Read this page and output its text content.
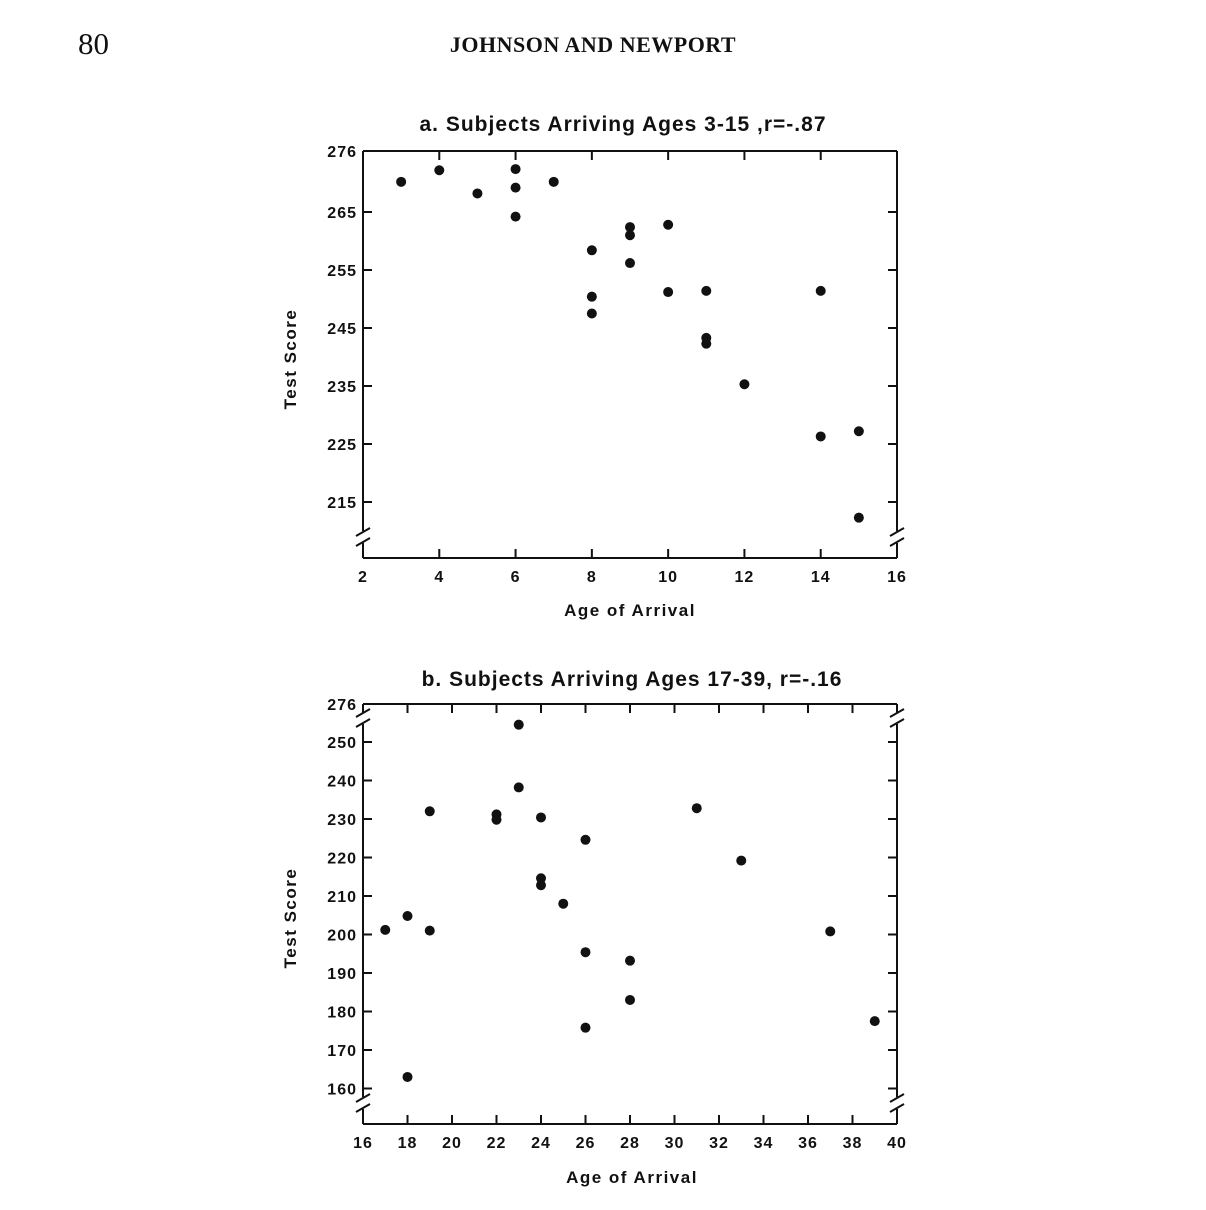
80	JOHNSON AND NEWPORT
a. Subjects Arriving Ages 3-15 ,r=-.87
Age of Arrival
Test Score
2	4	6	8	10	12	14	16
276
265
255
245
235
225
215
b. Subjects Arriving Ages 17-39, r=-.16
Age of Arrival
Test Score
16 18 20 22 24 26 28 30 32 34 36 38 40
276
250
240
230
220
210
200
190
180
170
160
